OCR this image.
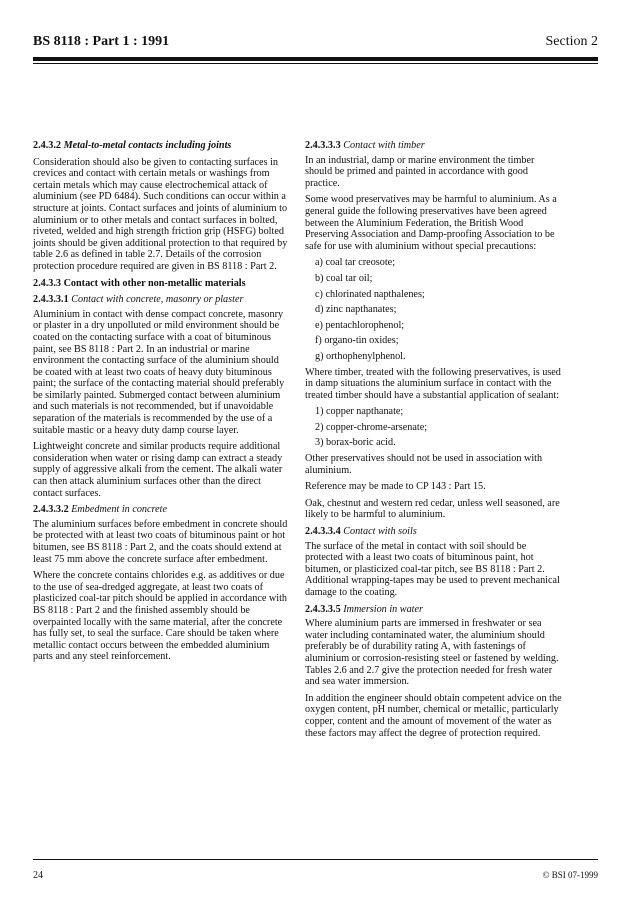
BS 8118 : Part 1 : 1991	Section 2
2.4.3.2 Metal-to-metal contacts including joints

Consideration should also be given to contacting surfaces in crevices and contact with certain metals or washings from certain metals which may cause electrochemical attack of aluminium (see PD 6484). Such conditions can occur within a structure at joints. Contact surfaces and joints of aluminium to aluminium or to other metals and contact surfaces in bolted, riveted, welded and high strength friction grip (HSFG) bolted joints should be given additional protection to that required by table 2.6 as defined in table 2.7. Details of the corrosion protection procedure required are given in BS 8118 : Part 2.

2.4.3.3 Contact with other non-metallic materials
2.4.3.3.1 Contact with concrete, masonry or plaster

Aluminium in contact with dense compact concrete, masonry or plaster in a dry unpolluted or mild environment should be coated on the contacting surface with a coat of bituminous paint, see BS 8118 : Part 2. In an industrial or marine environment the contacting surface of the aluminium should be coated with at least two coats of heavy duty bituminous paint; the surface of the contacting material should preferably be similarly painted. Submerged contact between aluminium and such materials is not recommended, but if unavoidable separation of the materials is recommended by the use of a suitable mastic or a heavy duty damp course layer.

Lightweight concrete and similar products require additional consideration when water or rising damp can extract a steady supply of aggressive alkali from the cement. The alkali water can then attack aluminium surfaces other than the direct contact surfaces.

2.4.3.3.2 Embedment in concrete

The aluminium surfaces before embedment in concrete should be protected with at least two coats of bituminous paint or hot bitumen, see BS 8118 : Part 2, and the coats should extend at least 75 mm above the concrete surface after embedment.

Where the concrete contains chlorides e.g. as additives or due to the use of sea-dredged aggregate, at least two coats of plasticized coal-tar pitch should be applied in accordance with BS 8118 : Part 2 and the finished assembly should be overpainted locally with the same material, after the concrete has fully set, to seal the surface. Care should be taken where metallic contact occurs between the embedded aluminium parts and any steel reinforcement.

2.4.3.3.3 Contact with timber

In an industrial, damp or marine environment the timber should be primed and painted in accordance with good practice.

Some wood preservatives may be harmful to aluminium. As a general guide the following preservatives have been agreed between the Aluminium Federation, the British Wood Preserving Association and Damp-proofing Association to be safe for use with aluminium without special precautions:

a) coal tar creosote;
b) coal tar oil;
c) chlorinated napthalenes;
d) zinc napthanates;
e) pentachlorophenol;
f) organo-tin oxides;
g) orthophenylphenol.

Where timber, treated with the following preservatives, is used in damp situations the aluminium surface in contact with the treated timber should have a substantial application of sealant:

1) copper napthanate;
2) copper-chrome-arsenate;
3) borax-boric acid.

Other preservatives should not be used in association with aluminium.

Reference may be made to CP 143 : Part 15.

Oak, chestnut and western red cedar, unless well seasoned, are likely to be harmful to aluminium.

2.4.3.3.4 Contact with soils

The surface of the metal in contact with soil should be protected with a least two coats of bituminous paint, hot bitumen, or plasticized coal-tar pitch, see BS 8118 : Part 2. Additional wrapping-tapes may be used to prevent mechanical damage to the coating.

2.4.3.3.5 Immersion in water

Where aluminium parts are immersed in freshwater or sea water including contaminated water, the aluminium should preferably be of durability rating A, with fastenings of aluminium or corrosion-resisting steel or fastened by welding. Tables 2.6 and 2.7 give the protection needed for fresh water and sea water immersion.

In addition the engineer should obtain competent advice on the oxygen content, pH number, chemical or metallic, particularly copper, content and the amount of movement of the water as these factors may affect the degree of protection required.

24	© BSI 07-1999
